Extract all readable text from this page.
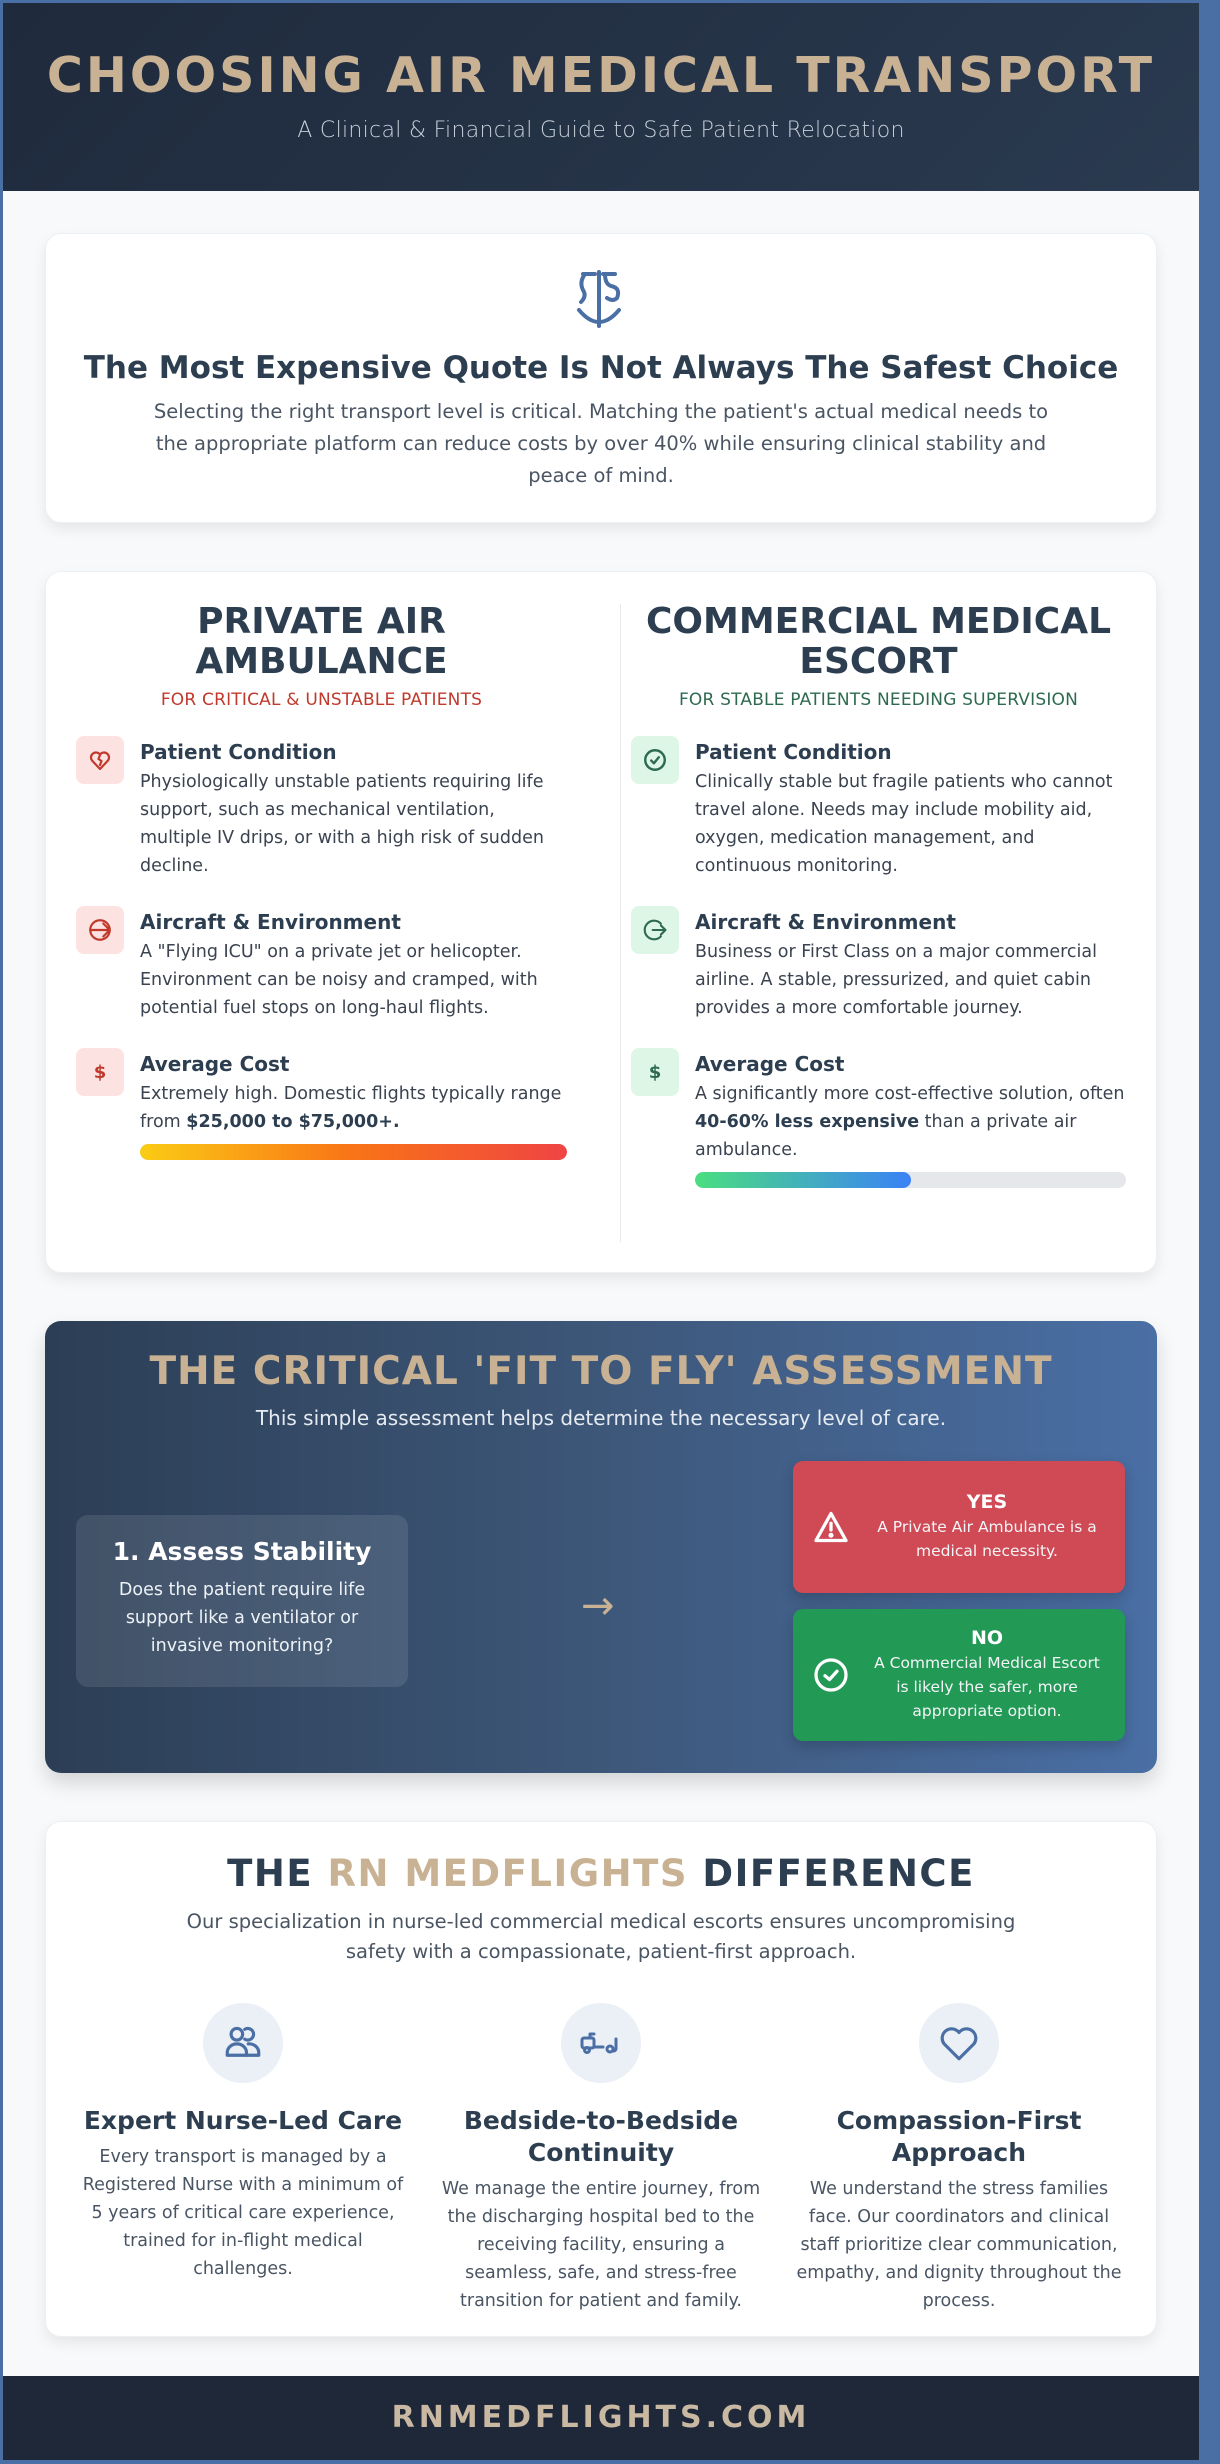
CHOOSING AIR MEDICAL TRANSPORT
A Clinical & Financial Guide to Safe Patient Relocation
The Most Expensive Quote Is Not Always The Safest Choice

Selecting the right transport level is critical. Matching the patient's actual medical needs to the appropriate platform can reduce costs by over 40% while ensuring clinical stability and peace of mind.

PRIVATE AIR AMBULANCE
FOR CRITICAL & UNSTABLE PATIENTS
Patient Condition
Physiologically unstable patients requiring life support, such as mechanical ventilation, multiple IV drips, or with a high risk of sudden decline.
Aircraft & Environment
A "Flying ICU" on a private jet or helicopter. Environment can be noisy and cramped, with potential fuel stops on long-haul flights.
$	Average Cost
Extremely high. Domestic flights typically range from $25,000 to $75,000+.
COMMERCIAL MEDICAL ESCORT
FOR STABLE PATIENTS NEEDING SUPERVISION
Patient Condition
Clinically stable but fragile patients who cannot travel alone. Needs may include mobility aid, oxygen, medication management, and continuous monitoring.
Aircraft & Environment
Business or First Class on a major commercial airline. A stable, pressurized, and quiet cabin provides a more comfortable journey.
$	Average Cost
A significantly more cost-effective solution, often 40-60% less expensive than a private air ambulance.
THE CRITICAL 'FIT TO FLY' ASSESSMENT
This simple assessment helps determine the necessary level of care.
1. Assess Stability
Does the patient require life support like a ventilator or invasive monitoring?
→
YES
A Private Air Ambulance is a medical necessity.
NO
A Commercial Medical Escort is likely the safer, more appropriate option.
THE RN MEDFLIGHTS DIFFERENCE
Our specialization in nurse-led commercial medical escorts ensures uncompromising safety with a compassionate, patient-first approach.
Expert Nurse-Led Care
Every transport is managed by a Registered Nurse with a minimum of 5 years of critical care experience, trained for in-flight medical challenges.
Bedside-to-Bedside Continuity
We manage the entire journey, from the discharging hospital bed to the receiving facility, ensuring a seamless, safe, and stress-free transition for patient and family.
Compassion-First Approach
We understand the stress families face. Our coordinators and clinical staff prioritize clear communication, empathy, and dignity throughout the process.
RNMEDFLIGHTS.COM
